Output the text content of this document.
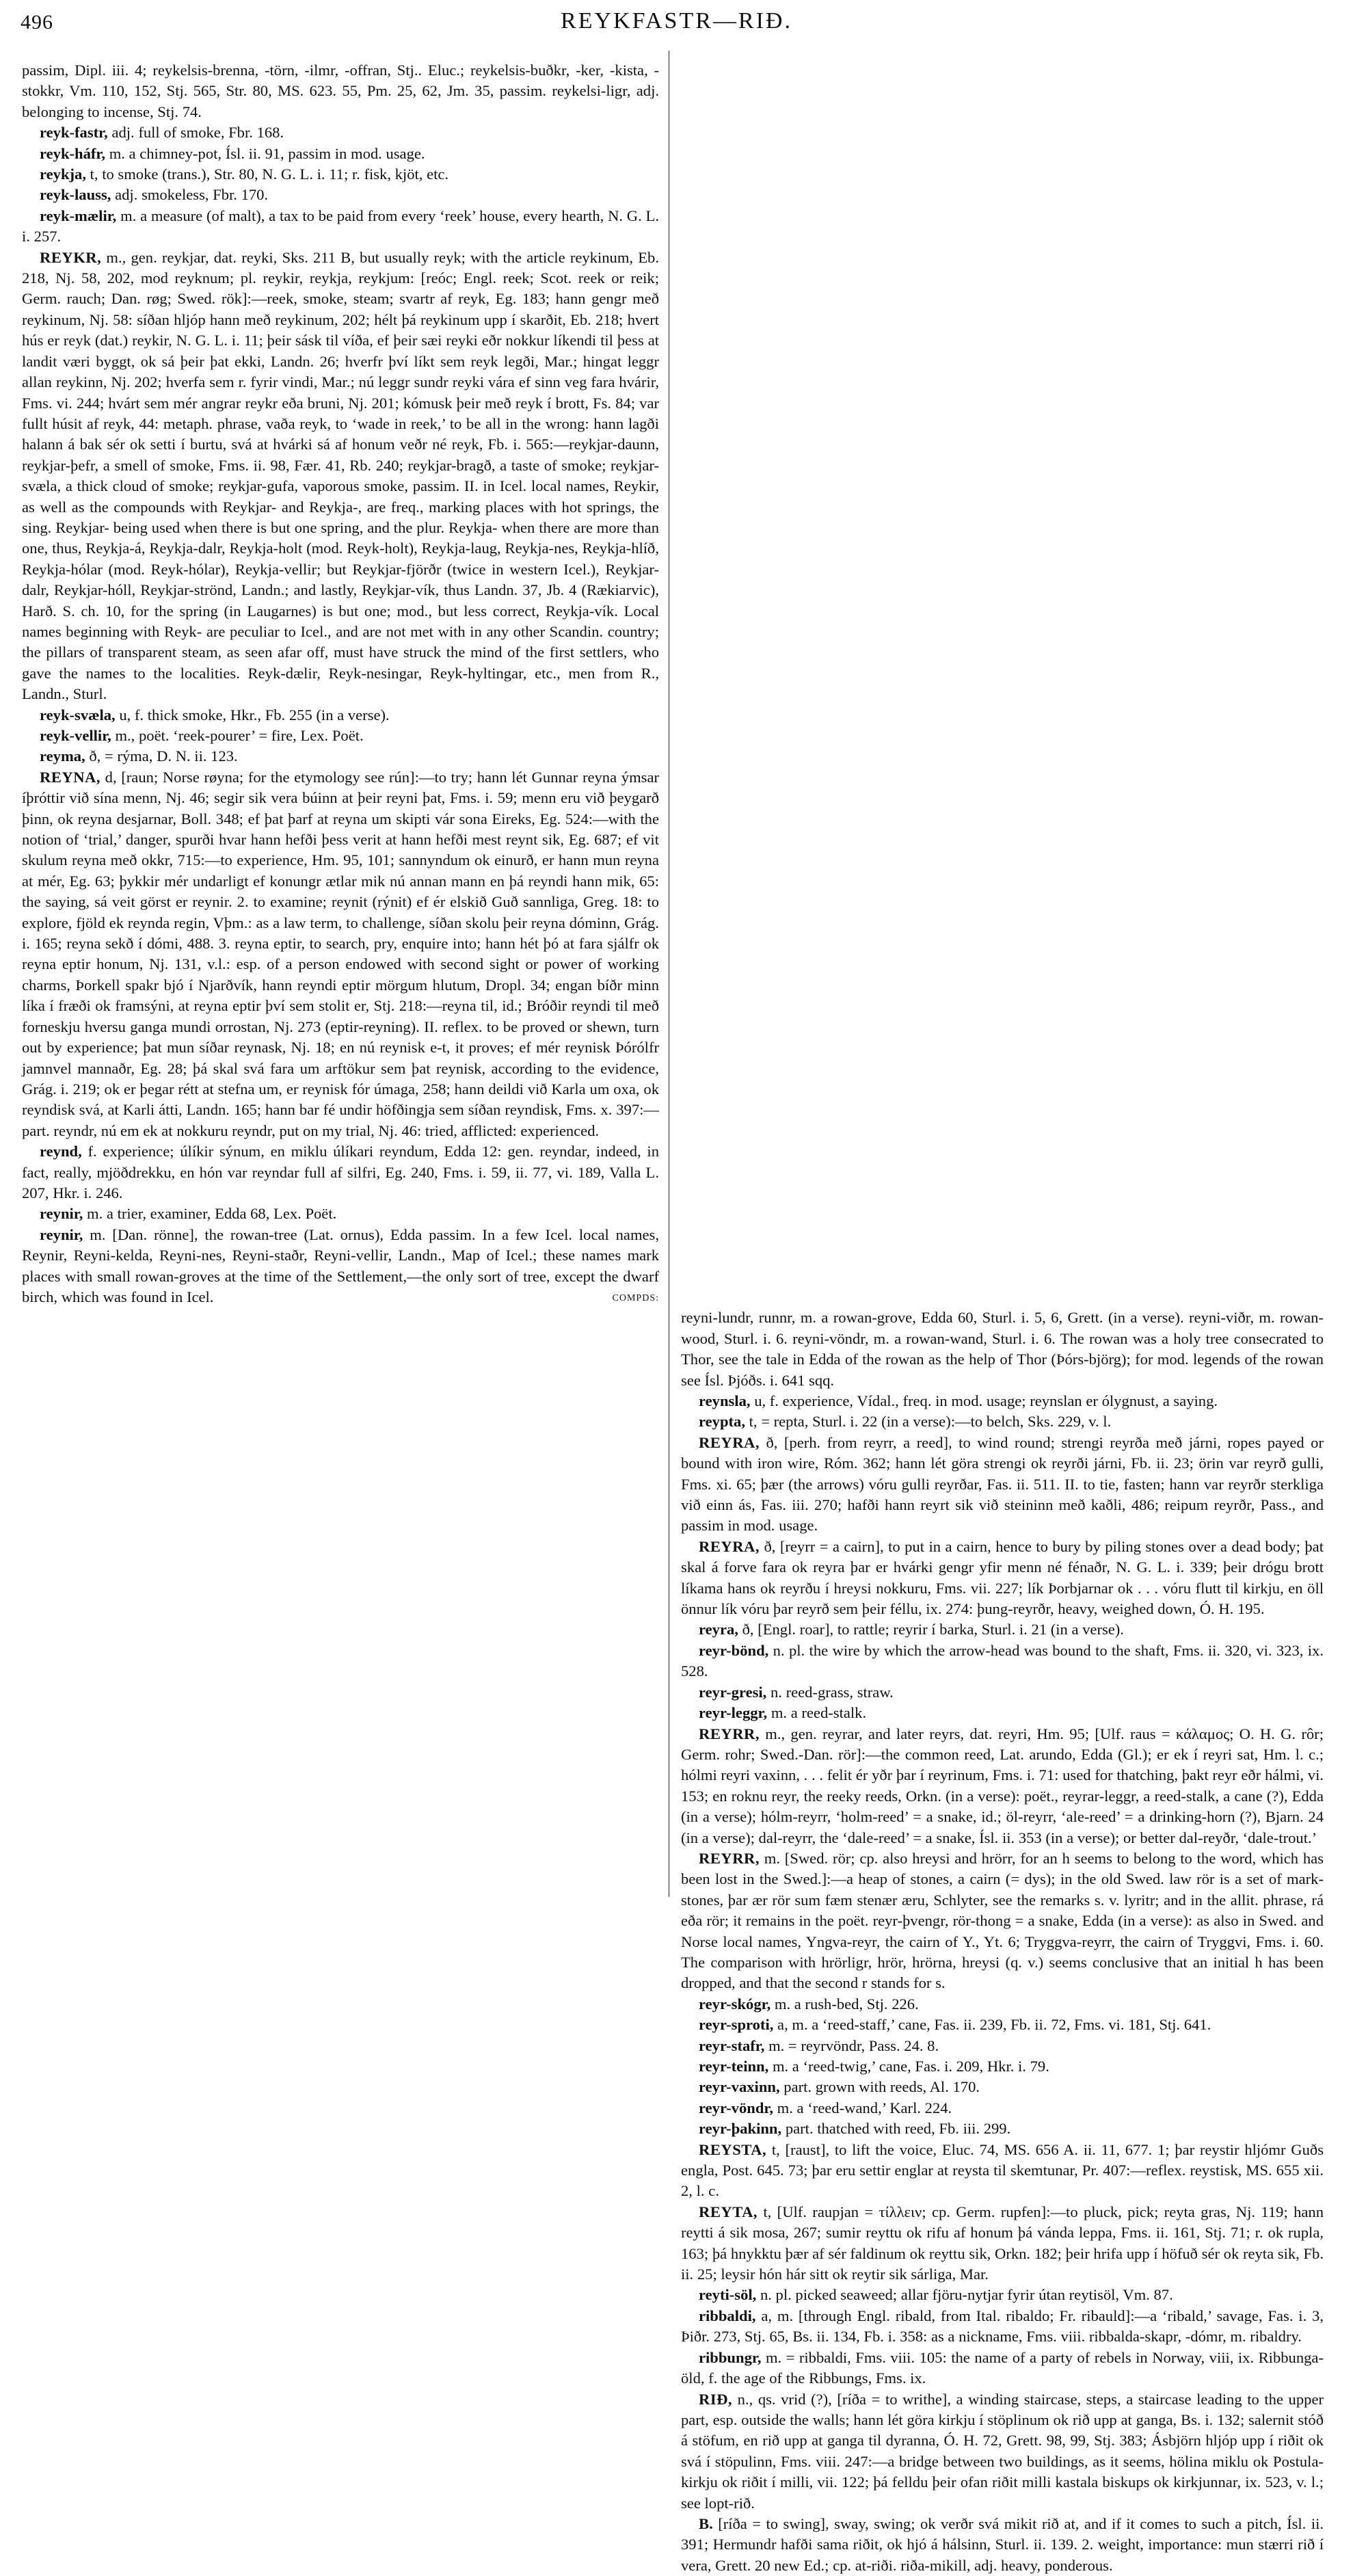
496	REYKFASTR—RIÐ.

passim, Dipl. iii. 4; reykelsis-brenna, -törn, -ilmr, -offran, Stj.. Eluc.; reykelsis-buðkr, -ker, -kista, -stokkr, Vm. 110, 152, Stj. 565, Str. 80, MS. 623. 55, Pm. 25, 62, Jm. 35, passim. reykelsi-ligr, adj. belonging to incense, Stj. 74.

reyk-fastr, adj. full of smoke, Fbr. 168.

reyk-háfr, m. a chimney-pot, Ísl. ii. 91, passim in mod. usage.

reykja, t, to smoke (trans.), Str. 80, N. G. L. i. 11; r. fisk, kjöt, etc.

reyk-lauss, adj. smokeless, Fbr. 170.

reyk-mælir, m. a measure (of malt), a tax to be paid from every ‘reek’ house, every hearth, N. G. L. i. 257.

REYKR, m., gen. reykjar, dat. reyki, Sks. 211 B, but usually reyk; with the article reykinum, Eb. 218, Nj. 58, 202, mod reyknum; pl. reykir, reykja, reykjum: [reóc; Engl. reek; Scot. reek or reik; Germ. rauch; Dan. røg; Swed. rök]:—reek, smoke, steam; svartr af reyk, Eg. 183; hann gengr með reykinum, Nj. 58: síðan hljóp hann með reykinum, 202; hélt þá reykinum upp í skarðit, Eb. 218; hvert hús er reyk (dat.) reykir, N. G. L. i. 11; þeir sásk til víða, ef þeir sæi reyki eðr nokkur líkendi til þess at landit væri byggt, ok sá þeir þat ekki, Landn. 26; hverfr því líkt sem reyk legði, Mar.; hingat leggr allan reykinn, Nj. 202; hverfa sem r. fyrir vindi, Mar.; nú leggr sundr reyki vára ef sinn veg fara hvárir, Fms. vi. 244; hvárt sem mér angrar reykr eða bruni, Nj. 201; kómusk þeir með reyk í brott, Fs. 84; var fullt húsit af reyk, 44: metaph. phrase, vaða reyk, to ‘wade in reek,’ to be all in the wrong: hann lagði halann á bak sér ok setti í burtu, svá at hvárki sá af honum veðr né reyk, Fb. i. 565:—reykjar-daunn, reykjar-þefr, a smell of smoke, Fms. ii. 98, Fær. 41, Rb. 240; reykjar-bragð, a taste of smoke; reykjar-svæla, a thick cloud of smoke; reykjar-gufa, vaporous smoke, passim. II. in Icel. local names, Reykir, as well as the compounds with Reykjar- and Reykja-, are freq., marking places with hot springs, the sing. Reykjar- being used when there is but one spring, and the plur. Reykja- when there are more than one, thus, Reykja-á, Reykja-dalr, Reykja-holt (mod. Reyk-holt), Reykja-laug, Reykja-nes, Reykja-hlíð, Reykja-hólar (mod. Reyk-hólar), Reykja-vellir; but Reykjar-fjörðr (twice in western Icel.), Reykjar-dalr, Reykjar-hóll, Reykjar-strönd, Landn.; and lastly, Reykjar-vík, thus Landn. 37, Jb. 4 (Rækiarvic), Harð. S. ch. 10, for the spring (in Laugarnes) is but one; mod., but less correct, Reykja-vík. Local names beginning with Reyk- are peculiar to Icel., and are not met with in any other Scandin. country; the pillars of transparent steam, as seen afar off, must have struck the mind of the first settlers, who gave the names to the localities. Reyk-dælir, Reyk-nesingar, Reyk-hyltingar, etc., men from R., Landn., Sturl.

reyk-svæla, u, f. thick smoke, Hkr., Fb. 255 (in a verse).

reyk-vellir, m., poët. ‘reek-pourer’ = fire, Lex. Poët.

reyma, ð, = rýma, D. N. ii. 123.

REYNA, d, [raun; Norse røyna; for the etymology see rún]:—to try; hann lét Gunnar reyna ýmsar íþróttir við sína menn, Nj. 46; segir sik vera búinn at þeir reyni þat, Fms. i. 59; menn eru við þeygarð þinn, ok reyna desjarnar, Boll. 348; ef þat þarf at reyna um skipti vár sona Eireks, Eg. 524:—with the notion of ‘trial,’ danger, spurði hvar hann hefði þess verit at hann hefði mest reynt sik, Eg. 687; ef vit skulum reyna með okkr, 715:—to experience, Hm. 95, 101; sannyndum ok einurð, er hann mun reyna at mér, Eg. 63; þykkir mér undarligt ef konungr ætlar mik nú annan mann en þá reyndi hann mik, 65: the saying, sá veit görst er reynir. 2. to examine; reynit (rýnit) ef ér elskið Guð sannliga, Greg. 18: to explore, fjöld ek reynda regin, Vþm.: as a law term, to challenge, síðan skolu þeir reyna dóminn, Grág. i. 165; reyna sekð í dómi, 488. 3. reyna eptir, to search, pry, enquire into; hann hét þó at fara sjálfr ok reyna eptir honum, Nj. 131, v.l.: esp. of a person endowed with second sight or power of working charms, Þorkell spakr bjó í Njarðvík, hann reyndi eptir mörgum hlutum, Dropl. 34; engan bíðr minn líka í fræði ok framsýni, at reyna eptir því sem stolit er, Stj. 218:—reyna til, id.; Bróðir reyndi til með forneskju hversu ganga mundi orrostan, Nj. 273 (eptir-reyning). II. reflex. to be proved or shewn, turn out by experience; þat mun síðar reynask, Nj. 18; en nú reynisk e-t, it proves; ef mér reynisk Þórólfr jamnvel mannaðr, Eg. 28; þá skal svá fara um arftökur sem þat reynisk, according to the evidence, Grág. i. 219; ok er þegar rétt at stefna um, er reynisk fór úmaga, 258; hann deildi við Karla um oxa, ok reyndisk svá, at Karli átti, Landn. 165; hann bar fé undir höfðingja sem síðan reyndisk, Fms. x. 397:—part. reyndr, nú em ek at nokkuru reyndr, put on my trial, Nj. 46: tried, afflicted: experienced.

reynd, f. experience; úlíkir sýnum, en miklu úlíkari reyndum, Edda 12: gen. reyndar, indeed, in fact, really, mjöðdrekku, en hón var reyndar full af silfri, Eg. 240, Fms. i. 59, ii. 77, vi. 189, Valla L. 207, Hkr. i. 246.

reynir, m. a trier, examiner, Edda 68, Lex. Poët.

reynir, m. [Dan. rönne], the rowan-tree (Lat. ornus), Edda passim. In a few Icel. local names, Reynir, Reyni-kelda, Reyni-nes, Reyni-staðr, Reyni-vellir, Landn., Map of Icel.; these names mark places with small rowan-groves at the time of the Settlement,—the only sort of tree, except the dwarf birch, which was found in Icel.	COMPDS:

reyni-lundr, runnr, m. a rowan-grove, Edda 60, Sturl. i. 5, 6, Grett. (in a verse). reyni-viðr, m. rowan-wood, Sturl. i. 6. reyni-vöndr, m. a rowan-wand, Sturl. i. 6. The rowan was a holy tree consecrated to Thor, see the tale in Edda of the rowan as the help of Thor (Þórs-björg); for mod. legends of the rowan see Ísl. Þjóðs. i. 641 sqq.

reynsla, u, f. experience, Vídal., freq. in mod. usage; reynslan er ólygnust, a saying.

reypta, t, = repta, Sturl. i. 22 (in a verse):—to belch, Sks. 229, v. l.

REYRA, ð, [perh. from reyrr, a reed], to wind round; strengi reyrða með járni, ropes payed or bound with iron wire, Róm. 362; hann lét göra strengi ok reyrði járni, Fb. ii. 23; örin var reyrð gulli, Fms. xi. 65; þær (the arrows) vóru gulli reyrðar, Fas. ii. 511. II. to tie, fasten; hann var reyrðr sterkliga við einn ás, Fas. iii. 270; hafði hann reyrt sik við steininn með kaðli, 486; reipum reyrðr, Pass., and passim in mod. usage.

REYRA, ð, [reyrr = a cairn], to put in a cairn, hence to bury by piling stones over a dead body; þat skal á forve fara ok reyra þar er hvárki gengr yfir menn né fénaðr, N. G. L. i. 339; þeir drógu brott líkama hans ok reyrðu í hreysi nokkuru, Fms. vii. 227; lík Þorbjarnar ok . . . vóru flutt til kirkju, en öll önnur lík vóru þar reyrð sem þeir féllu, ix. 274: þung-reyrðr, heavy, weighed down, Ó. H. 195.

reyra, ð, [Engl. roar], to rattle; reyrir í barka, Sturl. i. 21 (in a verse).

reyr-bönd, n. pl. the wire by which the arrow-head was bound to the shaft, Fms. ii. 320, vi. 323, ix. 528.

reyr-gresi, n. reed-grass, straw.

reyr-leggr, m. a reed-stalk.

REYRR, m., gen. reyrar, and later reyrs, dat. reyri, Hm. 95; [Ulf. raus = κάλαμος; O. H. G. rôr; Germ. rohr; Swed.-Dan. rör]:—the common reed, Lat. arundo, Edda (Gl.); er ek í reyri sat, Hm. l. c.; hólmi reyri vaxinn, . . . felit ér yðr þar í reyrinum, Fms. i. 71: used for thatching, þakt reyr eðr hálmi, vi. 153; en roknu reyr, the reeky reeds, Orkn. (in a verse): poët., reyrar-leggr, a reed-stalk, a cane (?), Edda (in a verse); hólm-reyrr, ‘holm-reed’ = a snake, id.; öl-reyrr, ‘ale-reed’ = a drinking-horn (?), Bjarn. 24 (in a verse); dal-reyrr, the ‘dale-reed’ = a snake, Ísl. ii. 353 (in a verse); or better dal-reyðr, ‘dale-trout.’

REYRR, m. [Swed. rör; cp. also hreysi and hrörr, for an h seems to belong to the word, which has been lost in the Swed.]:—a heap of stones, a cairn (= dys); in the old Swed. law rör is a set of mark-stones, þar ær rör sum fæm stenær æru, Schlyter, see the remarks s. v. lyritr; and in the allit. phrase, rá eða rör; it remains in the poët. reyr-þvengr, rör-thong = a snake, Edda (in a verse): as also in Swed. and Norse local names, Yngva-reyr, the cairn of Y., Yt. 6; Tryggva-reyrr, the cairn of Tryggvi, Fms. i. 60. The comparison with hrörligr, hrör, hrörna, hreysi (q. v.) seems conclusive that an initial h has been dropped, and that the second r stands for s.

reyr-skógr, m. a rush-bed, Stj. 226.

reyr-sproti, a, m. a ‘reed-staff,’ cane, Fas. ii. 239, Fb. ii. 72, Fms. vi. 181, Stj. 641.

reyr-stafr, m. = reyrvöndr, Pass. 24. 8.

reyr-teinn, m. a ‘reed-twig,’ cane, Fas. i. 209, Hkr. i. 79.

reyr-vaxinn, part. grown with reeds, Al. 170.

reyr-vöndr, m. a ‘reed-wand,’ Karl. 224.

reyr-þakinn, part. thatched with reed, Fb. iii. 299.

REYSTA, t, [raust], to lift the voice, Eluc. 74, MS. 656 A. ii. 11, 677. 1; þar reystir hljómr Guðs engla, Post. 645. 73; þar eru settir englar at reysta til skemtunar, Pr. 407:—reflex. reystisk, MS. 655 xii. 2, l. c.

REYTA, t, [Ulf. raupjan = τίλλειν; cp. Germ. rupfen]:—to pluck, pick; reyta gras, Nj. 119; hann reytti á sik mosa, 267; sumir reyttu ok rifu af honum þá vánda leppa, Fms. ii. 161, Stj. 71; r. ok rupla, 163; þá hnykktu þær af sér faldinum ok reyttu sik, Orkn. 182; þeir hrifa upp í höfuð sér ok reyta sik, Fb. ii. 25; leysir hón hár sitt ok reytir sik sárliga, Mar.

reyti-söl, n. pl. picked seaweed; allar fjöru-nytjar fyrir útan reytisöl, Vm. 87.

ribbaldi, a, m. [through Engl. ribald, from Ital. ribaldo; Fr. ribauld]:—a ‘ribald,’ savage, Fas. i. 3, Þiðr. 273, Stj. 65, Bs. ii. 134, Fb. i. 358: as a nickname, Fms. viii. ribbalda-skapr, -dómr, m. ribaldry.

ribbungr, m. = ribbaldi, Fms. viii. 105: the name of a party of rebels in Norway, viii, ix. Ribbunga-öld, f. the age of the Ribbungs, Fms. ix.

RIÐ, n., qs. vrid (?), [ríða = to writhe], a winding staircase, steps, a staircase leading to the upper part, esp. outside the walls; hann lét göra kirkju í stöplinum ok rið upp at ganga, Bs. i. 132; salernit stóð á stöfum, en rið upp at ganga til dyranna, Ó. H. 72, Grett. 98, 99, Stj. 383; Ásbjörn hljóp upp í riðit ok svá í stöpulinn, Fms. viii. 247:—a bridge between two buildings, as it seems, hölina miklu ok Postula-kirkju ok riðit í milli, vii. 122; þá felldu þeir ofan riðit milli kastala biskups ok kirkjunnar, ix. 523, v. l.; see lopt-rið.

B. [ríða = to swing], sway, swing; ok verðr svá mikit rið at, and if it comes to such a pitch, Ísl. ii. 391; Hermundr hafði sama riðit, ok hjó á hálsinn, Sturl. ii. 139. 2. weight, importance: mun stærri rið í vera, Grett. 20 new Ed.; cp. at-riði. riða-mikill, adj. heavy, ponderous.
